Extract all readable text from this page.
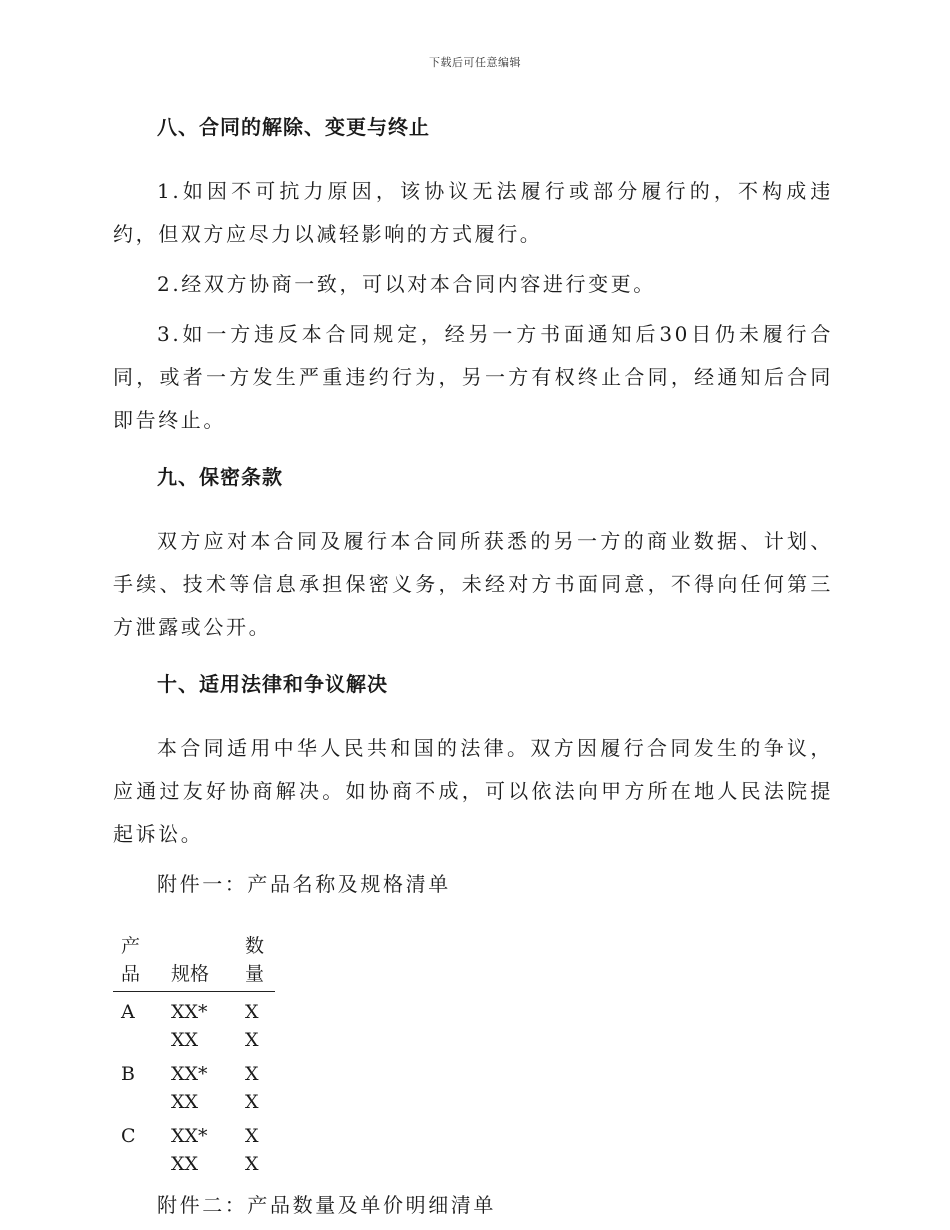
下载后可任意编辑
八、合同的解除、变更与终止

1.如因不可抗力原因，该协议无法履行或部分履行的，不构成违约，但双方应尽力以减轻影响的方式履行。

2.经双方协商一致，可以对本合同内容进行变更。

3.如一方违反本合同规定，经另一方书面通知后30日仍未履行合同，或者一方发生严重违约行为，另一方有权终止合同，经通知后合同即告终止。

九、保密条款

双方应对本合同及履行本合同所获悉的另一方的商业数据、计划、手续、技术等信息承担保密义务，未经对方书面同意，不得向任何第三方泄露或公开。

十、适用法律和争议解决

本合同适用中华人民共和国的法律。双方因履行合同发生的争议，应通过友好协商解决。如协商不成，可以依法向甲方所在地人民法院提起诉讼。

附件一：产品名称及规格清单

产
品	规格	数
量

A	XX*	X
	XX	X
B	XX*	X
	XX	X
C	XX*	X
	XX	X

附件二：产品数量及单价明细清单
